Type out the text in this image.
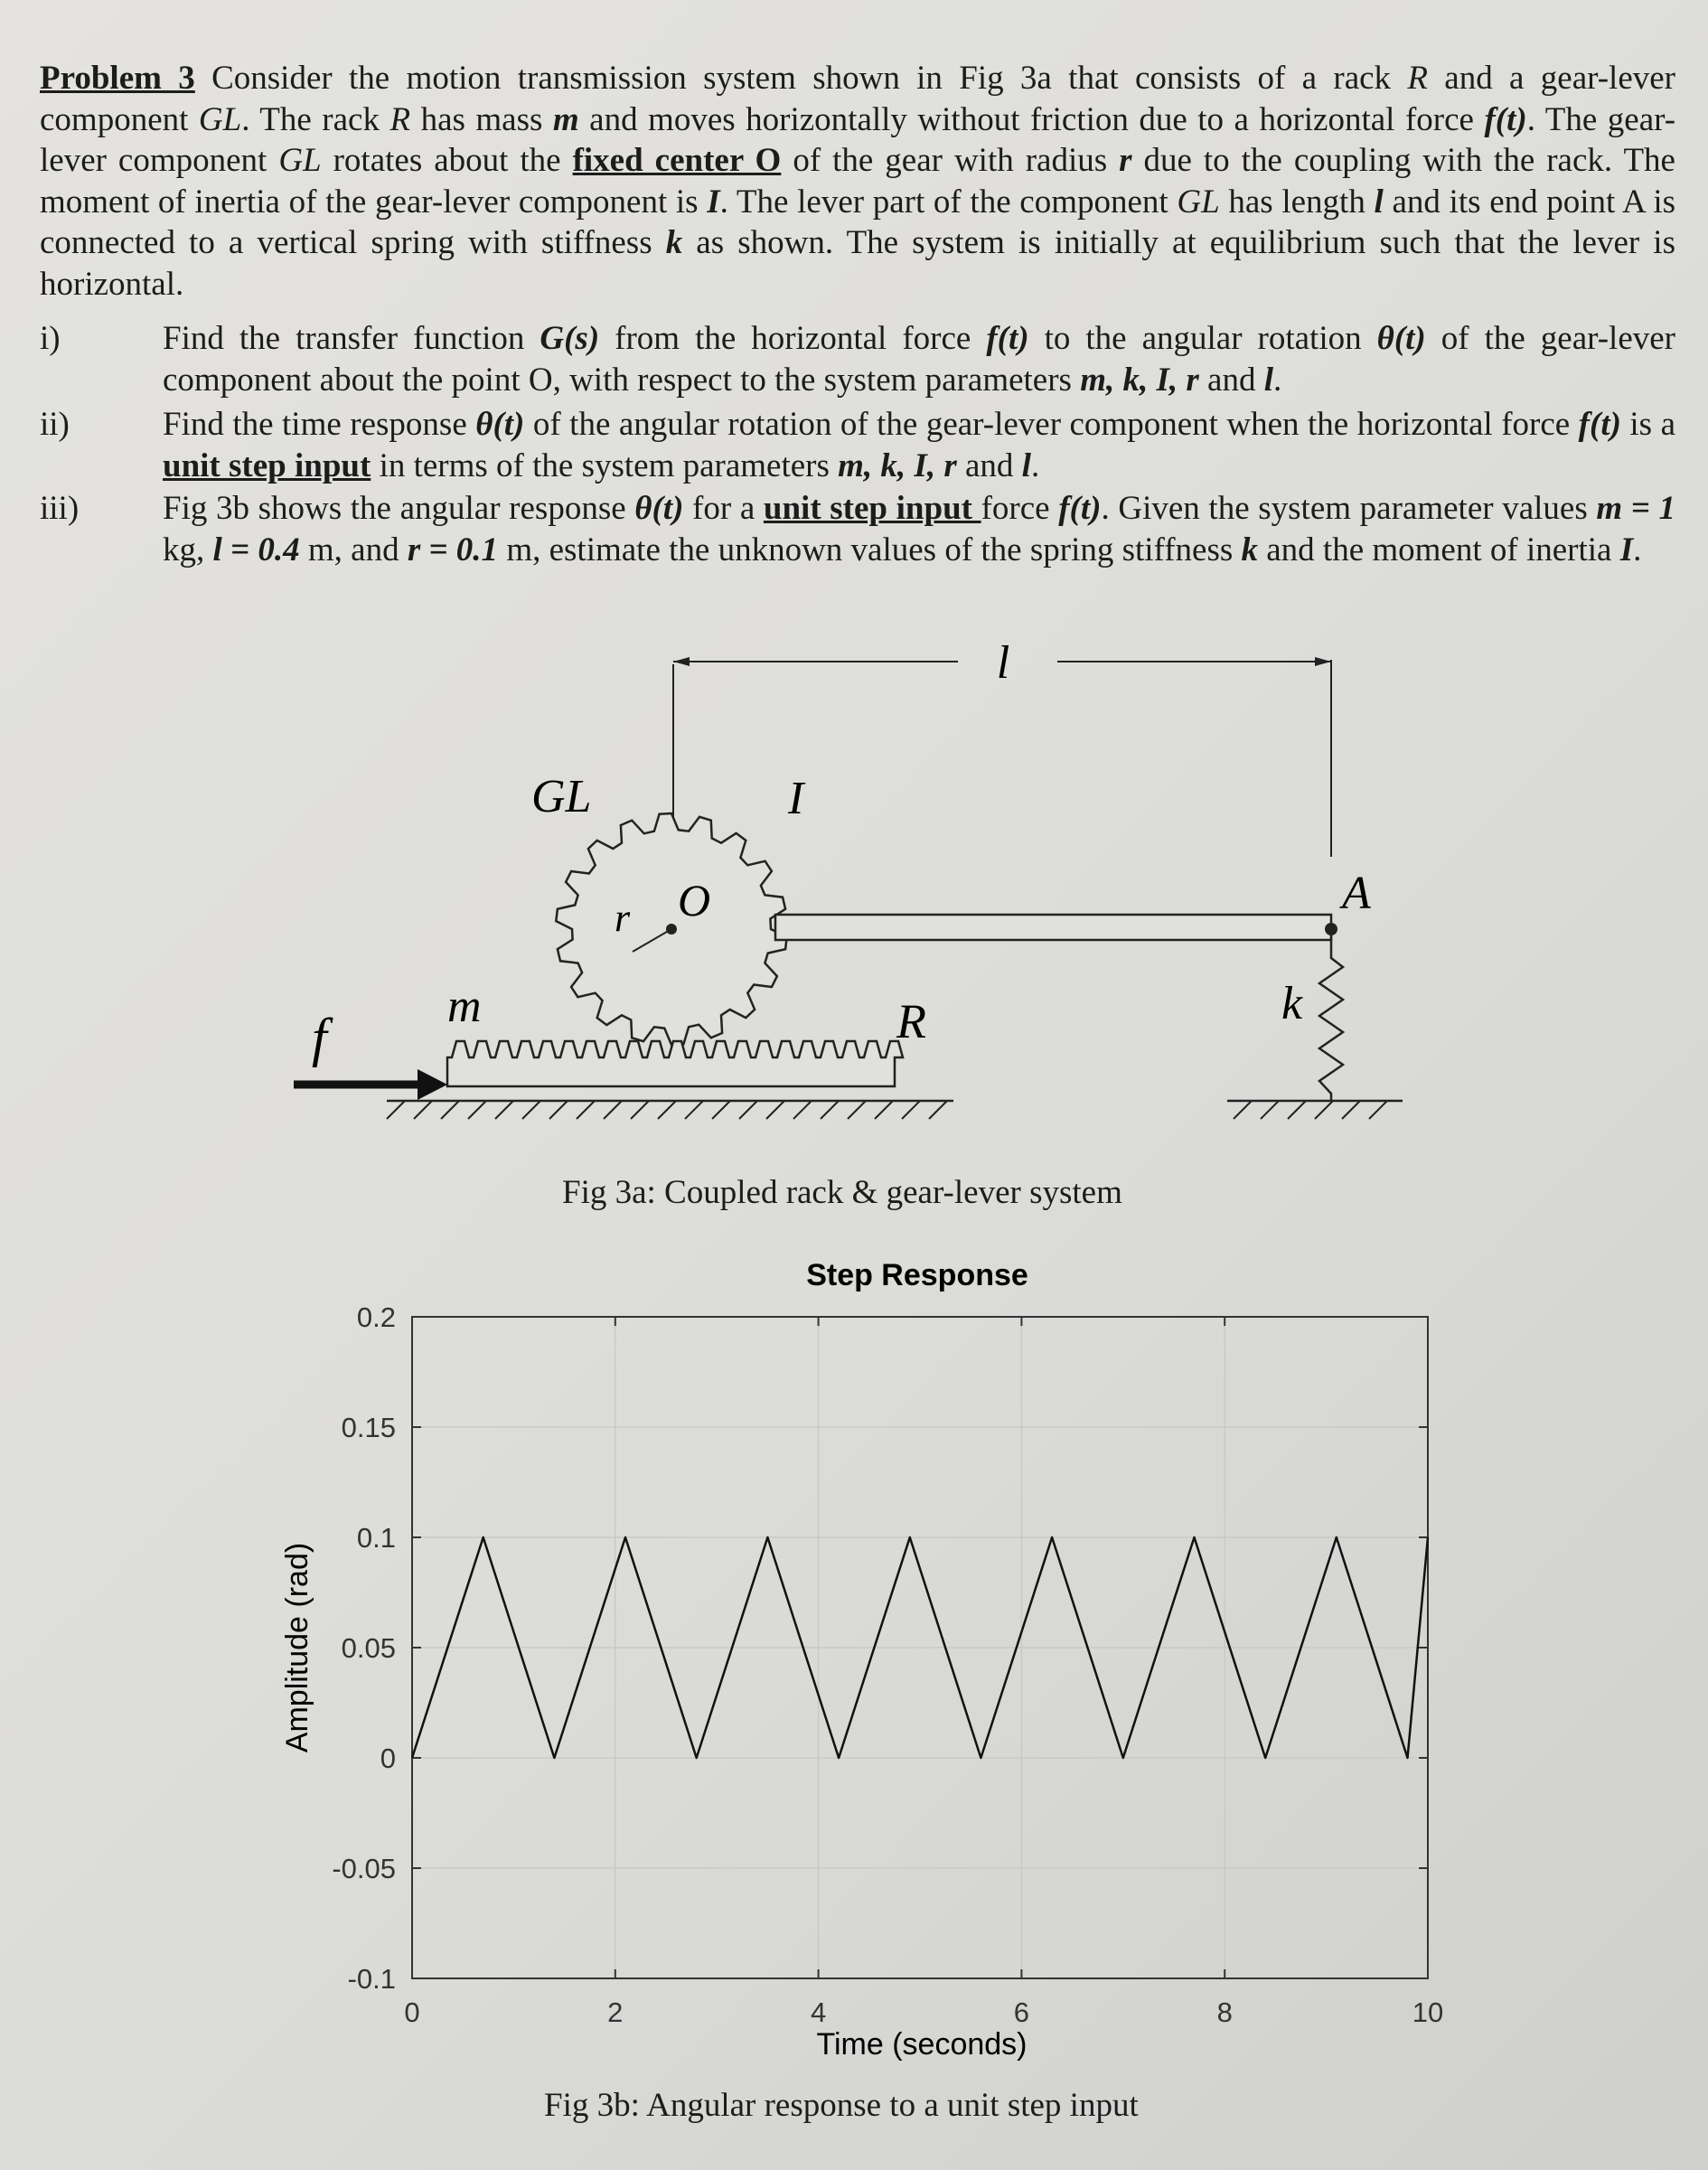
Problem 3 Consider the motion transmission system shown in Fig 3a that consists of a rack R and a gear-lever component GL. The rack R has mass m and moves horizontally without friction due to a horizontal force f(t). The gear-lever component GL rotates about the fixed center O of the gear with radius r due to the coupling with the rack. The moment of inertia of the gear-lever component is I. The lever part of the component GL has length l and its end point A is connected to a vertical spring with stiffness k as shown. The system is initially at equilibrium such that the lever is horizontal.
i)	Find the transfer function G(s) from the horizontal force f(t) to the angular rotation θ(t) of the gear-lever component about the point O, with respect to the system parameters m, k, I, r and l.
ii)	Find the time response θ(t) of the angular rotation of the gear-lever component when the horizontal force f(t) is a unit step input in terms of the system parameters m, k, I, r and l.
iii)	Fig 3b shows the angular response θ(t) for a unit step input force f(t). Given the system parameter values m = 1 kg, l = 0.4 m, and r = 0.1 m, estimate the unknown values of the spring stiffness k and the moment of inertia I.
l
r O
GL	I
A
k
R
m
f
Fig 3a: Coupled rack & gear-lever system
Step Response
0	2	4	6	8	10
0.2
0.15
0.1
0.05
0
-0.05
-0.1
Time (seconds)
Amplitude (rad)
Fig 3b: Angular response to a unit step input
